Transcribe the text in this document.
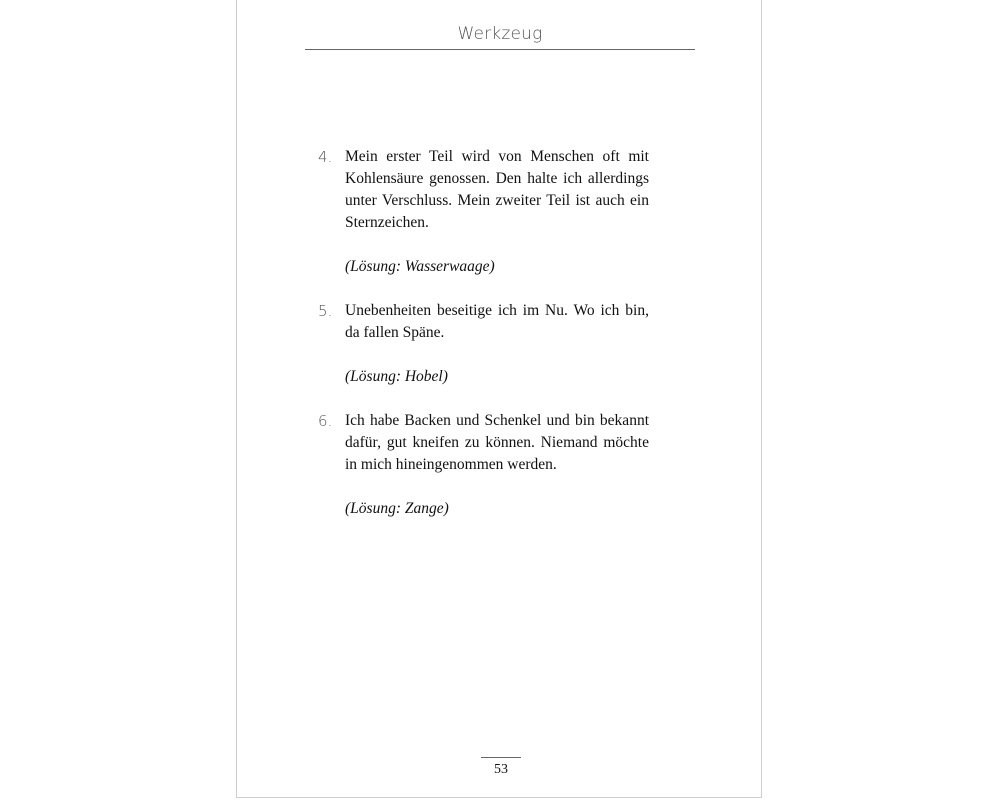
Werkzeug
4. Mein erster Teil wird von Menschen oft mit Kohlensäure genossen. Den halte ich allerdings unter Verschluss. Mein zweiter Teil ist auch ein Sternzeichen.

(Lösung: Wasserwaage)

5. Unebenheiten beseitige ich im Nu. Wo ich bin, da fallen Späne.

(Lösung: Hobel)

6. Ich habe Backen und Schenkel und bin bekannt dafür, gut kneifen zu können. Niemand möchte in mich hineingenommen werden.

(Lösung: Zange)

53
